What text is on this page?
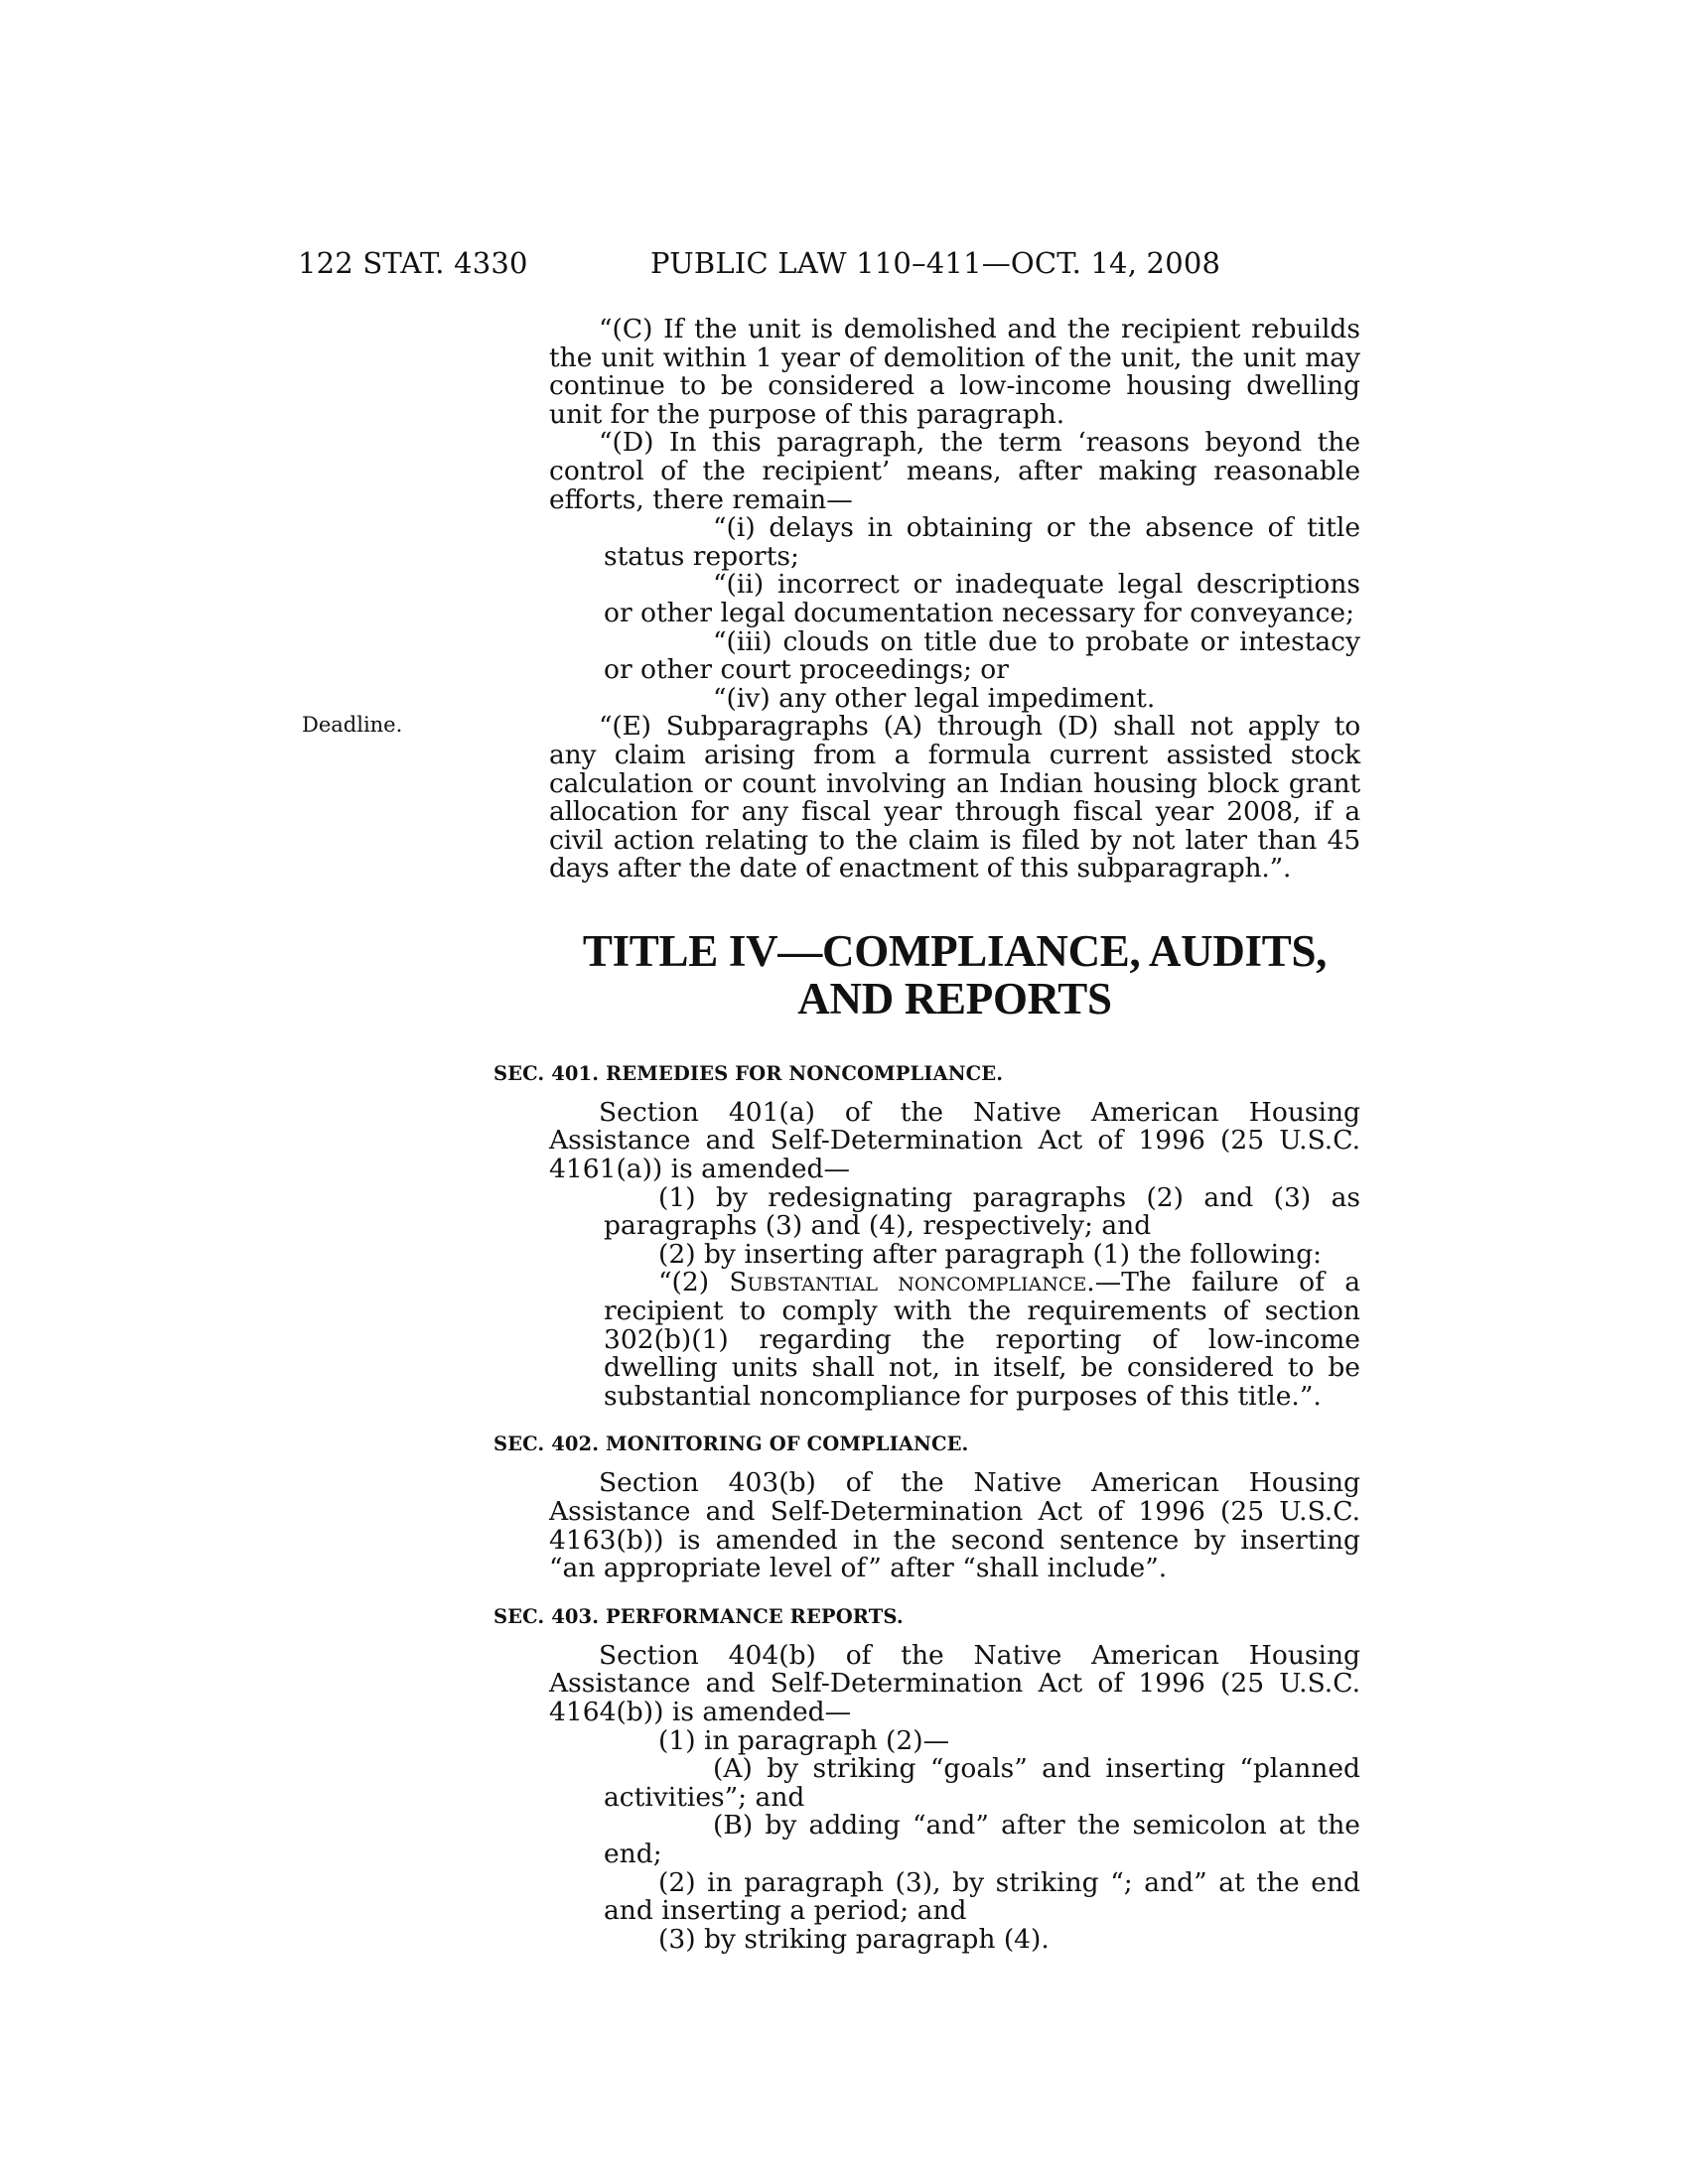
122 STAT. 4330	PUBLIC LAW 110–411—OCT. 14, 2008
Deadline.

“(C) If the unit is demolished and the recipient rebuilds the unit within 1 year of demolition of the unit, the unit may continue to be considered a low-income housing dwelling unit for the purpose of this paragraph.

“(D) In this paragraph, the term ‘reasons beyond the control of the recipient’ means, after making reasonable efforts, there remain—

“(i) delays in obtaining or the absence of title status reports;

“(ii) incorrect or inadequate legal descriptions or other legal documentation necessary for conveyance;

“(iii) clouds on title due to probate or intestacy or other court proceedings; or

“(iv) any other legal impediment.

“(E) Subparagraphs (A) through (D) shall not apply to any claim arising from a formula current assisted stock calculation or count involving an Indian housing block grant allocation for any fiscal year through fiscal year 2008, if a civil action relating to the claim is filed by not later than 45 days after the date of enactment of this subparagraph.”.

TITLE IV—COMPLIANCE, AUDITS, AND REPORTS
SEC. 401. REMEDIES FOR NONCOMPLIANCE.

Section 401(a) of the Native American Housing Assistance and Self-Determination Act of 1996 (25 U.S.C. 4161(a)) is amended—

(1) by redesignating paragraphs (2) and (3) as paragraphs (3) and (4), respectively; and

(2) by inserting after paragraph (1) the following:

“(2) Substantial noncompliance.—The failure of a recipient to comply with the requirements of section 302(b)(1) regarding the reporting of low-income dwelling units shall not, in itself, be considered to be substantial noncompliance for purposes of this title.”.

SEC. 402. MONITORING OF COMPLIANCE.

Section 403(b) of the Native American Housing Assistance and Self-Determination Act of 1996 (25 U.S.C. 4163(b)) is amended in the second sentence by inserting “an appropriate level of” after “shall include”.

SEC. 403. PERFORMANCE REPORTS.

Section 404(b) of the Native American Housing Assistance and Self-Determination Act of 1996 (25 U.S.C. 4164(b)) is amended—

(1) in paragraph (2)—

(A) by striking “goals” and inserting “planned activities”; and

(B) by adding “and” after the semicolon at the end;

(2) in paragraph (3), by striking “; and” at the end and inserting a period; and

(3) by striking paragraph (4).
